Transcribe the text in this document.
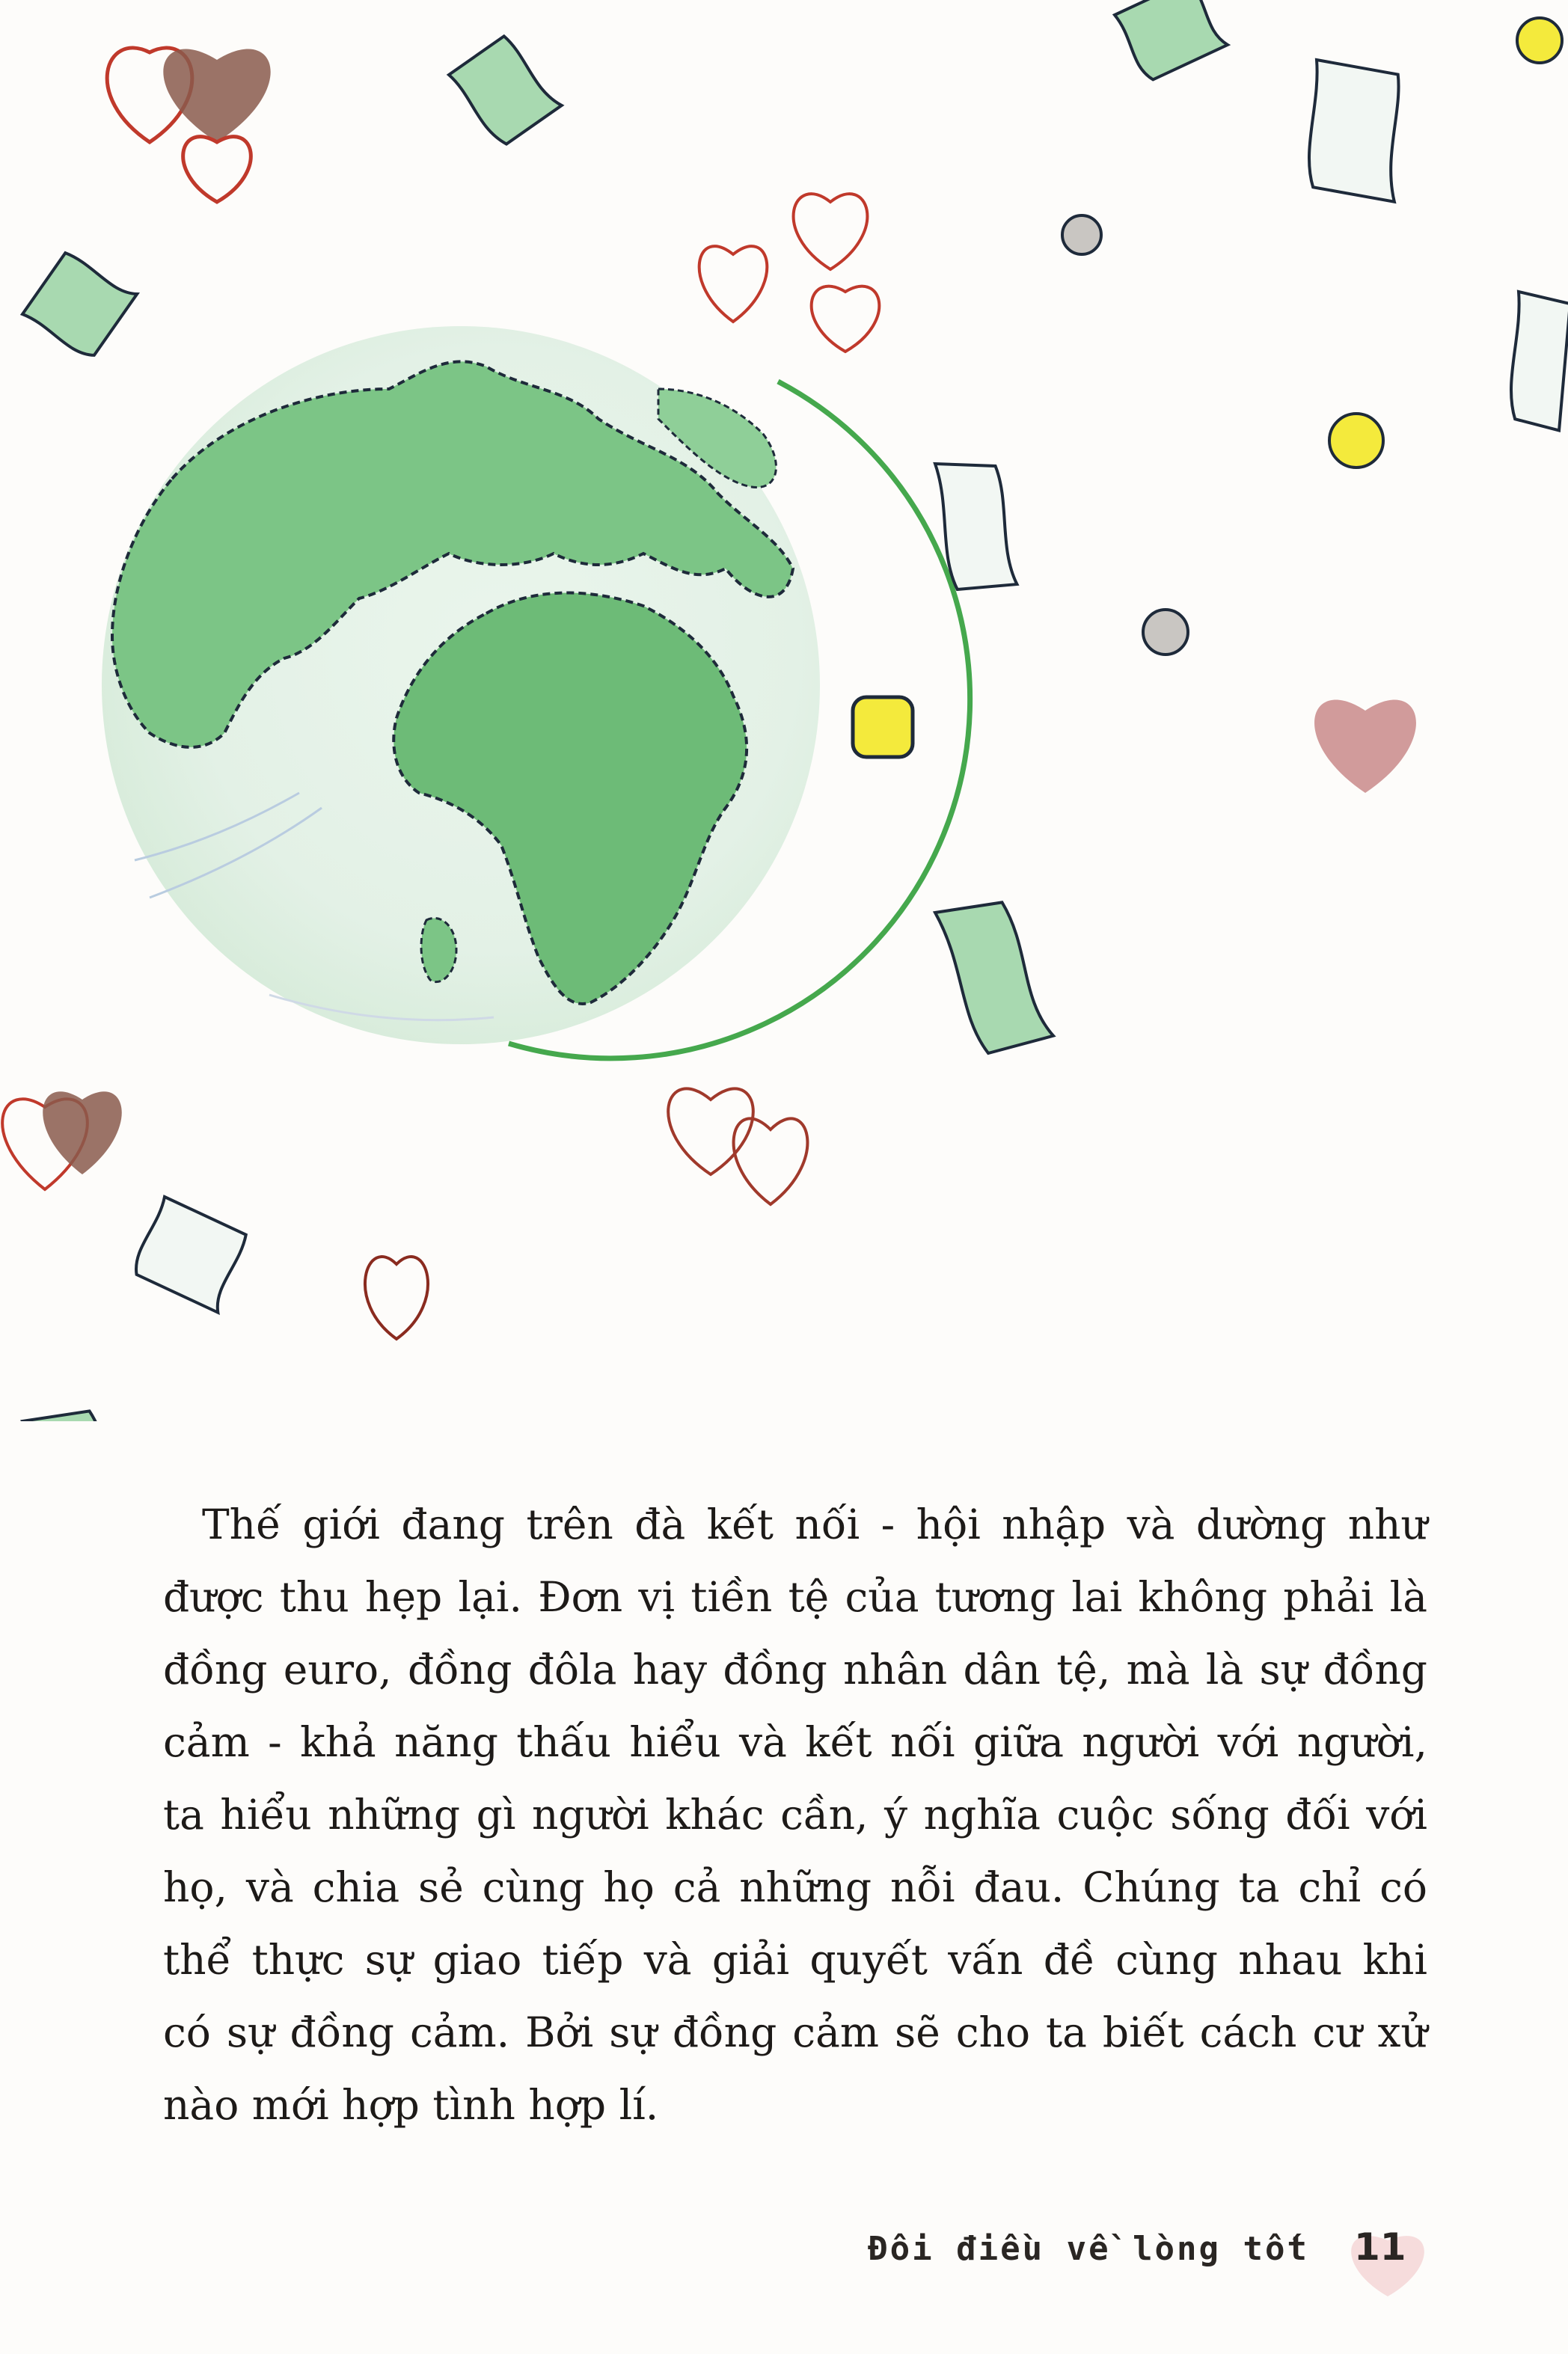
Thế giới đang trên đà kết nối - hội nhập và dường như
được thu hẹp lại. Đơn vị tiền tệ của tương lai không phải là
đồng euro, đồng đôla hay đồng nhân dân tệ, mà là sự đồng
cảm - khả năng thấu hiểu và kết nối giữa người với người,
ta hiểu những gì người khác cần, ý nghĩa cuộc sống đối với
họ, và chia sẻ cùng họ cả những nỗi đau. Chúng ta chỉ có
thể thực sự giao tiếp và giải quyết vấn đề cùng nhau khi
có sự đồng cảm. Bởi sự đồng cảm sẽ cho ta biết cách cư xử
nào mới hợp tình hợp lí.
Đôi điều về lòng tốt 11
